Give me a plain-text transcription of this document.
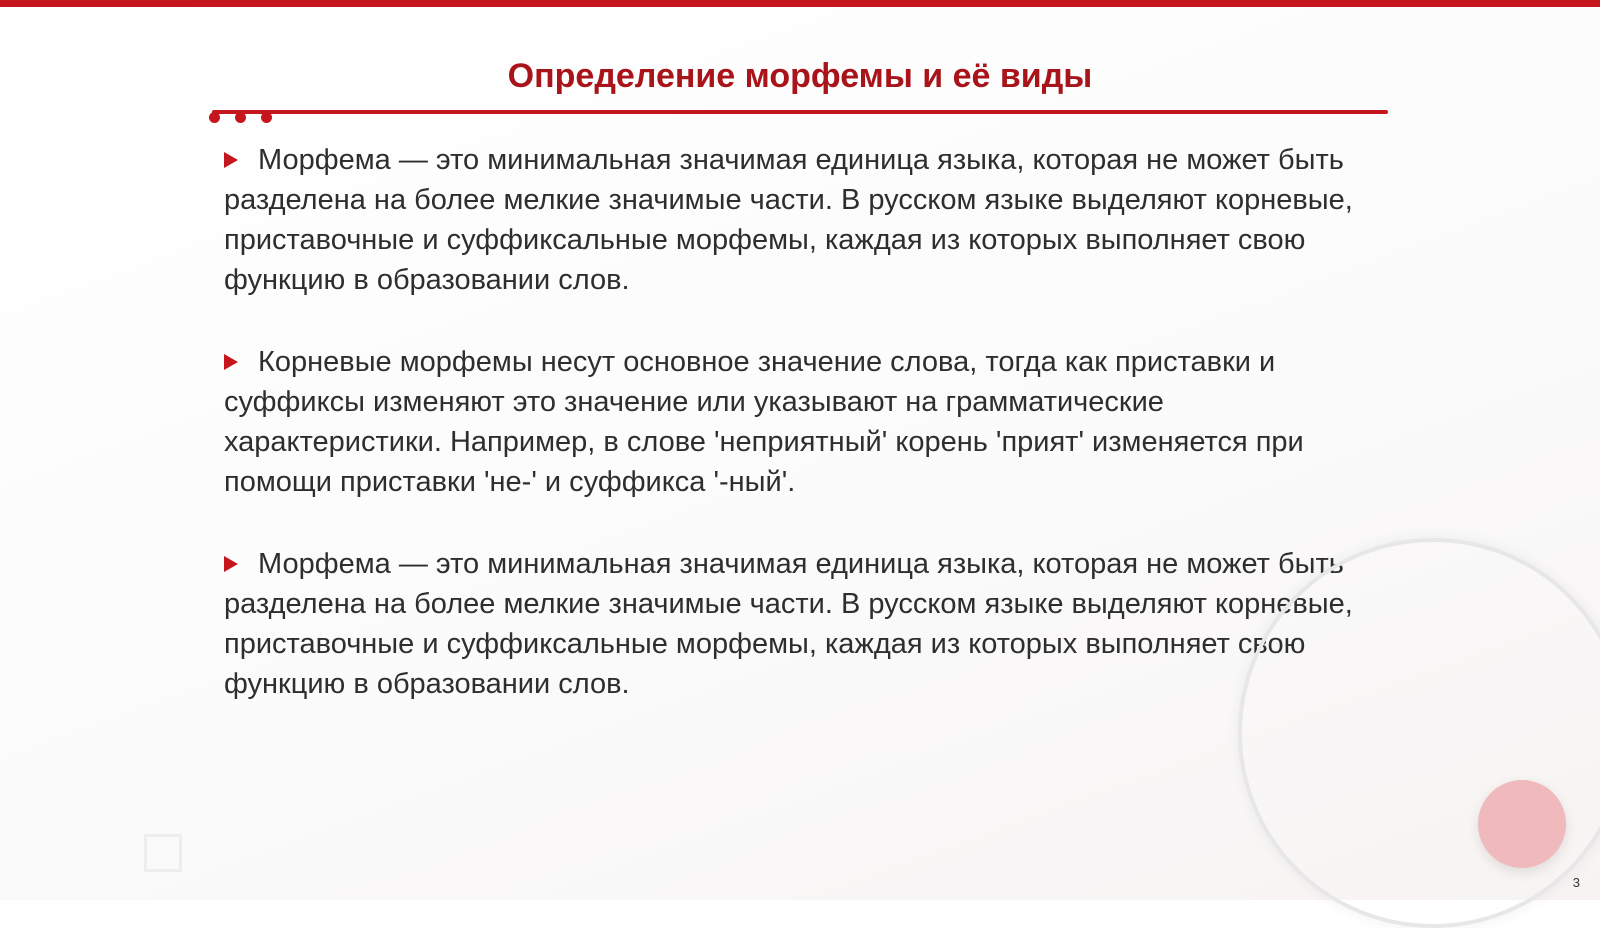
Определение морфемы и её виды

Морфема — это минимальная значимая единица языка, которая не может быть разделена на более мелкие значимые части. В русском языке выделяют корневые, приставочные и суффиксальные морфемы, каждая из которых выполняет свою функцию в образовании слов.

Корневые морфемы несут основное значение слова, тогда как приставки и суффиксы изменяют это значение или указывают на грамматические характеристики. Например, в слове 'неприятный' корень 'прият' изменяется при помощи приставки 'не-' и суффикса '-ный'.

Морфема — это минимальная значимая единица языка, которая не может быть разделена на более мелкие значимые части. В русском языке выделяют корневые, приставочные и суффиксальные морфемы, каждая из которых выполняет свою функцию в образовании слов.

3
